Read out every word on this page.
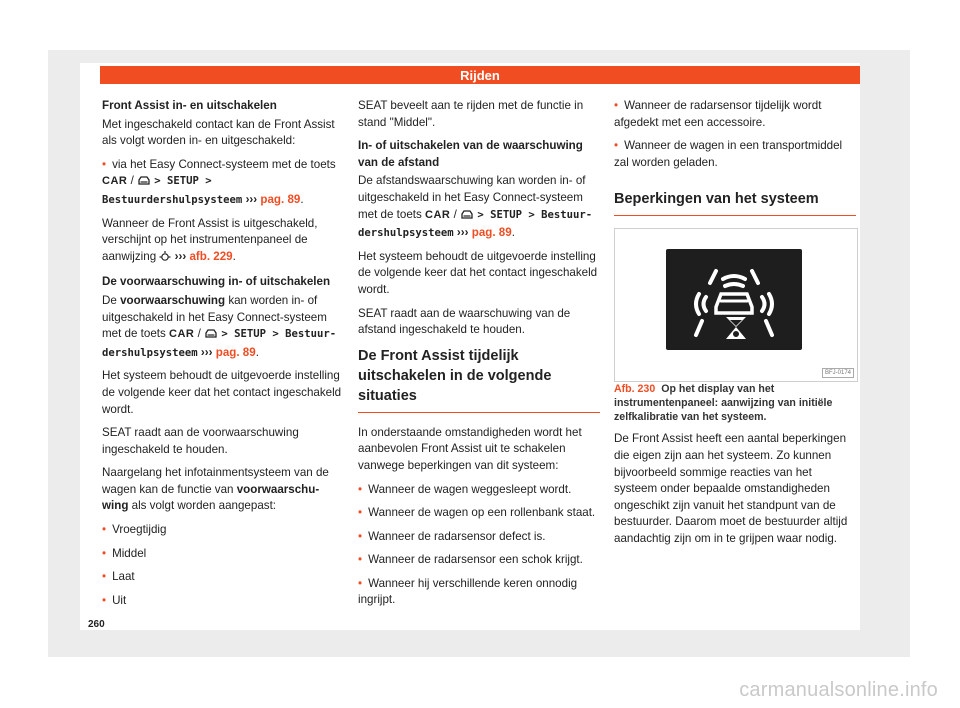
Rijden

Front Assist in- en uitschakelen

Met ingeschakeld contact kan de Front Assist als volgt worden in- en uitgeschakeld:

• via het Easy Connect-systeem met de toets CAR / > SETUP > Bestuurdershulpsysteem ››› pag. 89.

Wanneer de Front Assist is uitgeschakeld, verschijnt op het instrumentenpaneel de aanwijzing ››› afb. 229.

De voorwaarschuwing in- of uitschakelen

De voorwaarschuwing kan worden in- of uitgeschakeld in het Easy Connect-systeem met de toets CAR / > SETUP > Bestuur- dershulpsysteem ››› pag. 89.

Het systeem behoudt de uitgevoerde instelling de volgende keer dat het contact ingeschakeld wordt.

SEAT raadt aan de voorwaarschuwing ingeschakeld te houden.

Naargelang het infotainmentsysteem van de wagen kan de functie van voorwaarschu-wing als volgt worden aangepast:

• Vroegtijdig

• Middel

• Laat

• Uit

SEAT beveelt aan te rijden met de functie in stand "Middel".

In- of uitschakelen van de waarschuwing van de afstand

De afstandswaarschuwing kan worden in- of uitgeschakeld in het Easy Connect-systeem met de toets CAR / > SETUP > Bestuur- dershulpsysteem ››› pag. 89.

Het systeem behoudt de uitgevoerde instelling de volgende keer dat het contact ingeschakeld wordt.

SEAT raadt aan de waarschuwing van de afstand ingeschakeld te houden.

De Front Assist tijdelijk uitschakelen in de volgende situaties

In onderstaande omstandigheden wordt het aanbevolen Front Assist uit te schakelen vanwege beperkingen van dit systeem:

• Wanneer de wagen weggesleept wordt.

• Wanneer de wagen op een rollenbank staat.

• Wanneer de radarsensor defect is.

• Wanneer de radarsensor een schok krijgt.

• Wanneer hij verschillende keren onnodig ingrijpt.

• Wanneer de radarsensor tijdelijk wordt afgedekt met een accessoire.

• Wanneer de wagen in een transportmiddel zal worden geladen.

Beperkingen van het systeem
BFJ-0174

Afb. 230 Op het display van het instrumentenpaneel: aanwijzing van initiële zelfkalibratie van het systeem.

De Front Assist heeft een aantal beperkingen die eigen zijn aan het systeem. Zo kunnen bijvoorbeeld sommige reacties van het systeem onder bepaalde omstandigheden ongeschikt zijn vanuit het standpunt van de bestuurder. Daarom moet de bestuurder altijd aandachtig zijn om in te grijpen waar nodig.

260
carmanualsonline.info
